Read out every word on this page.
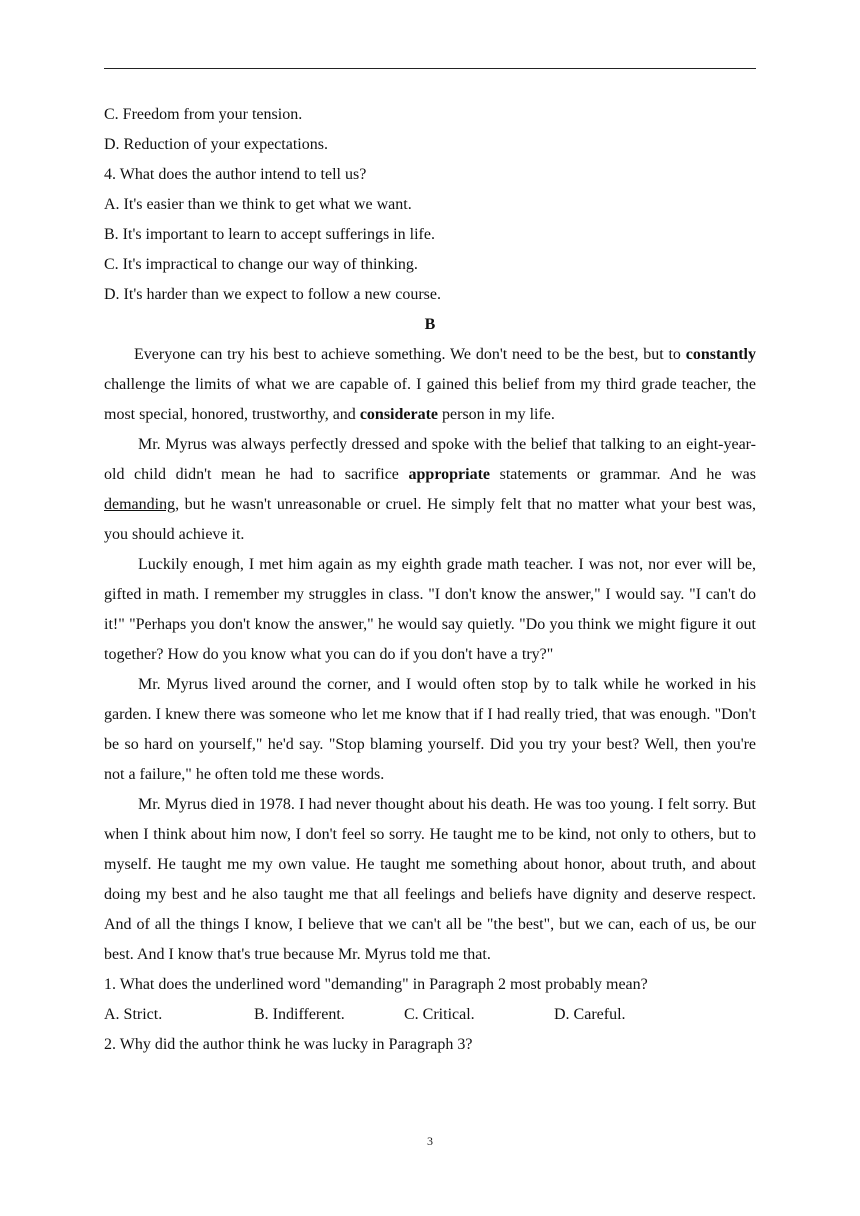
C. Freedom from your tension.
D. Reduction of your expectations.
4. What does the author intend to tell us?
A. It's easier than we think to get what we want.
B. It's important to learn to accept sufferings in life.
C. It's impractical to change our way of thinking.
D. It's harder than we expect to follow a new course.
B
Everyone can try his best to achieve something. We don't need to be the best, but to constantly challenge the limits of what we are capable of. I gained this belief from my third grade teacher, the most special, honored, trustworthy, and considerate person in my life.
Mr. Myrus was always perfectly dressed and spoke with the belief that talking to an eight-year-old child didn't mean he had to sacrifice appropriate statements or grammar. And he was demanding, but he wasn't unreasonable or cruel. He simply felt that no matter what your best was, you should achieve it.
Luckily enough, I met him again as my eighth grade math teacher. I was not, nor ever will be, gifted in math. I remember my struggles in class. "I don't know the answer," I would say. "I can't do it!" "Perhaps you don't know the answer," he would say quietly. "Do you think we might figure it out together? How do you know what you can do if you don't have a try?"
Mr. Myrus lived around the corner, and I would often stop by to talk while he worked in his garden. I knew there was someone who let me know that if I had really tried, that was enough. "Don't be so hard on yourself," he'd say. "Stop blaming yourself. Did you try your best? Well, then you're not a failure," he often told me these words.
Mr. Myrus died in 1978. I had never thought about his death. He was too young. I felt sorry. But when I think about him now, I don't feel so sorry. He taught me to be kind, not only to others, but to myself. He taught me my own value. He taught me something about honor, about truth, and about doing my best and he also taught me that all feelings and beliefs have dignity and deserve respect. And of all the things I know, I believe that we can't all be "the best", but we can, each of us, be our best. And I know that's true because Mr. Myrus told me that.
1. What does the underlined word "demanding" in Paragraph 2 most probably mean?
A. Strict.	B. Indifferent.	C. Critical.	D. Careful.
2. Why did the author think he was lucky in Paragraph 3?
3
